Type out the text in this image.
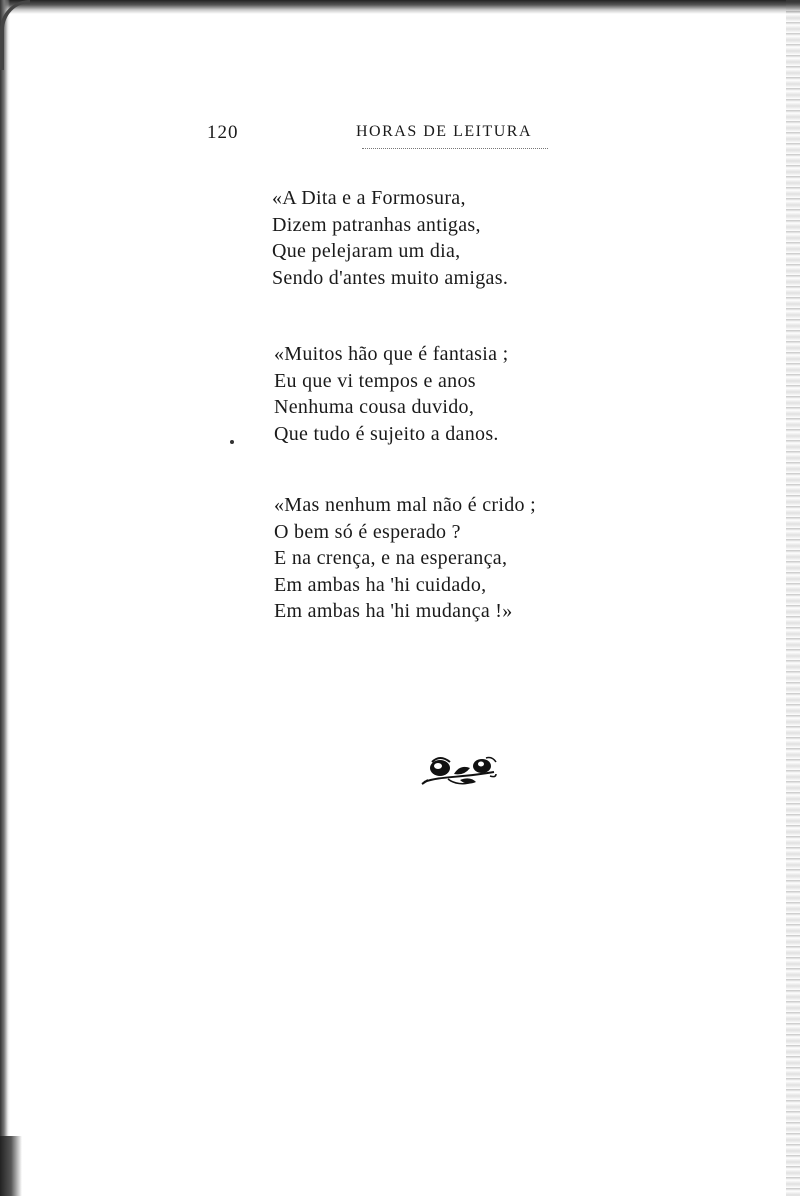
120	HORAS DE LEITURA
«A Dita e a Formosura,
Dizem patranhas antigas,
Que pelejaram um dia,
Sendo d'antes muito amigas.
«Muitos hão que é fantasia ;
Eu que vi tempos e anos
Nenhuma cousa duvido,
Que tudo é sujeito a danos.
«Mas nenhum mal não é crido ;
O bem só é esperado ?
E na crença, e na esperança,
Em ambas ha 'hi cuidado,
Em ambas ha 'hi mudança !»
